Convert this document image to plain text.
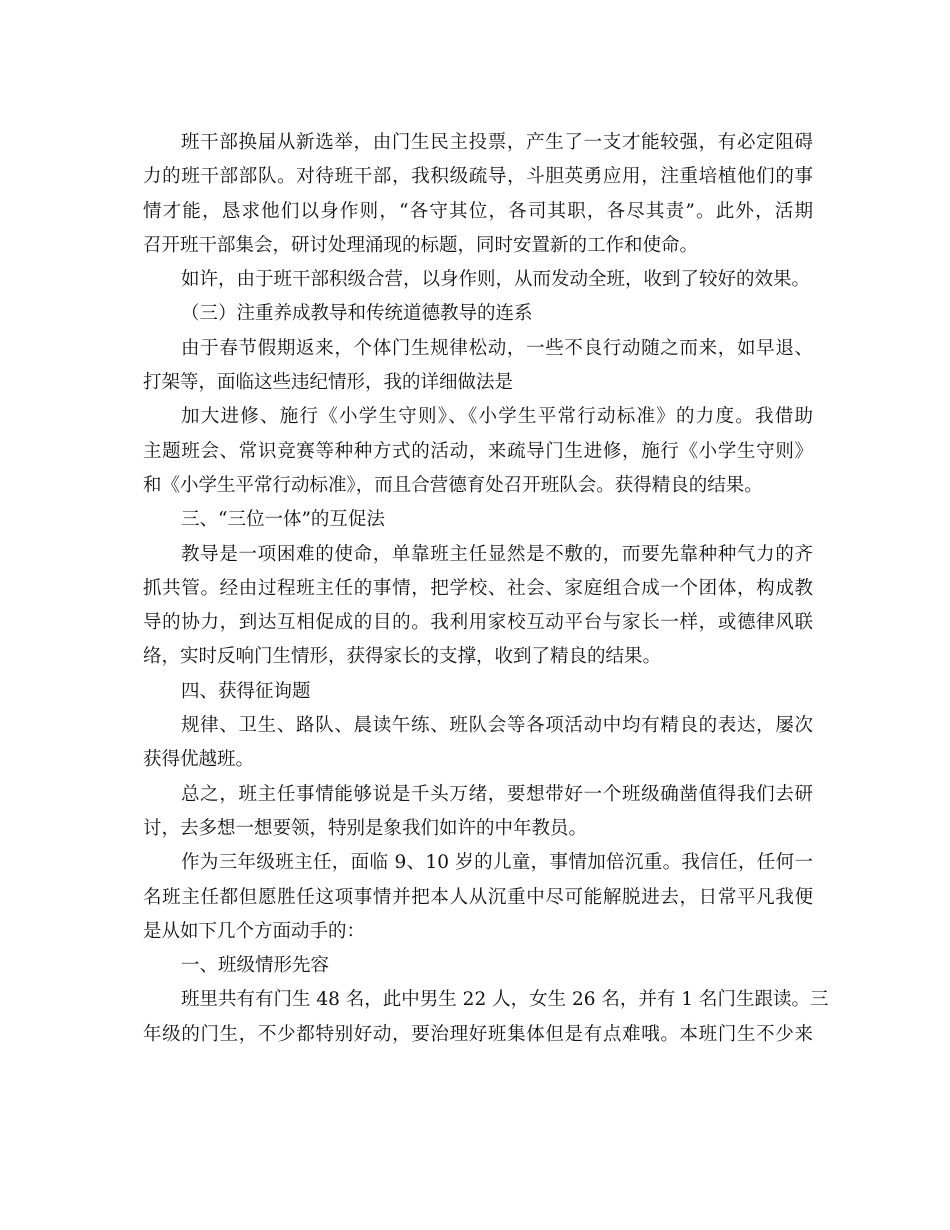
班干部换届从新选举，由门生民主投票，产生了一支才能较强，有必定阻碍
力的班干部部队。对待班干部，我积级疏导，斗胆英勇应用，注重培植他们的事
情才能，恳求他们以身作则，“各守其位，各司其职，各尽其责”。此外，活期
召开班干部集会，研讨处理涌现的标题，同时安置新的工作和使命。
如许，由于班干部积级合营，以身作则，从而发动全班，收到了较好的效果。
（三）注重养成教导和传统道德教导的连系
由于春节假期返来，个体门生规律松动，一些不良行动随之而来，如早退、
打架等，面临这些违纪情形，我的详细做法是
加大进修、施行《小学生守则》、《小学生平常行动标准》的力度。我借助
主题班会、常识竞赛等种种方式的活动，来疏导门生进修，施行《小学生守则》
和《小学生平常行动标准》，而且合营德育处召开班队会。获得精良的结果。
三、“三位一体”的互促法
教导是一项困难的使命，单靠班主任显然是不敷的，而要先靠种种气力的齐
抓共管。经由过程班主任的事情，把学校、社会、家庭组合成一个团体，构成教
导的协力，到达互相促成的目的。我利用家校互动平台与家长一样，或德律风联
络，实时反响门生情形，获得家长的支撑，收到了精良的结果。
四、获得征询题
规律、卫生、路队、晨读午练、班队会等各项活动中均有精良的表达，屡次
获得优越班。
总之，班主任事情能够说是千头万绪，要想带好一个班级确凿值得我们去研
讨，去多想一想要领，特别是象我们如许的中年教员。
作为三年级班主任，面临 9、10 岁的儿童，事情加倍沉重。我信任，任何一
名班主任都但愿胜任这项事情并把本人从沉重中尽可能解脱进去，日常平凡我便
是从如下几个方面动手的：
一、班级情形先容
班里共有有门生 48 名，此中男生 22 人，女生 26 名，并有 1 名门生跟读。三
年级的门生，不少都特别好动，要治理好班集体但是有点难哦。本班门生不少来
